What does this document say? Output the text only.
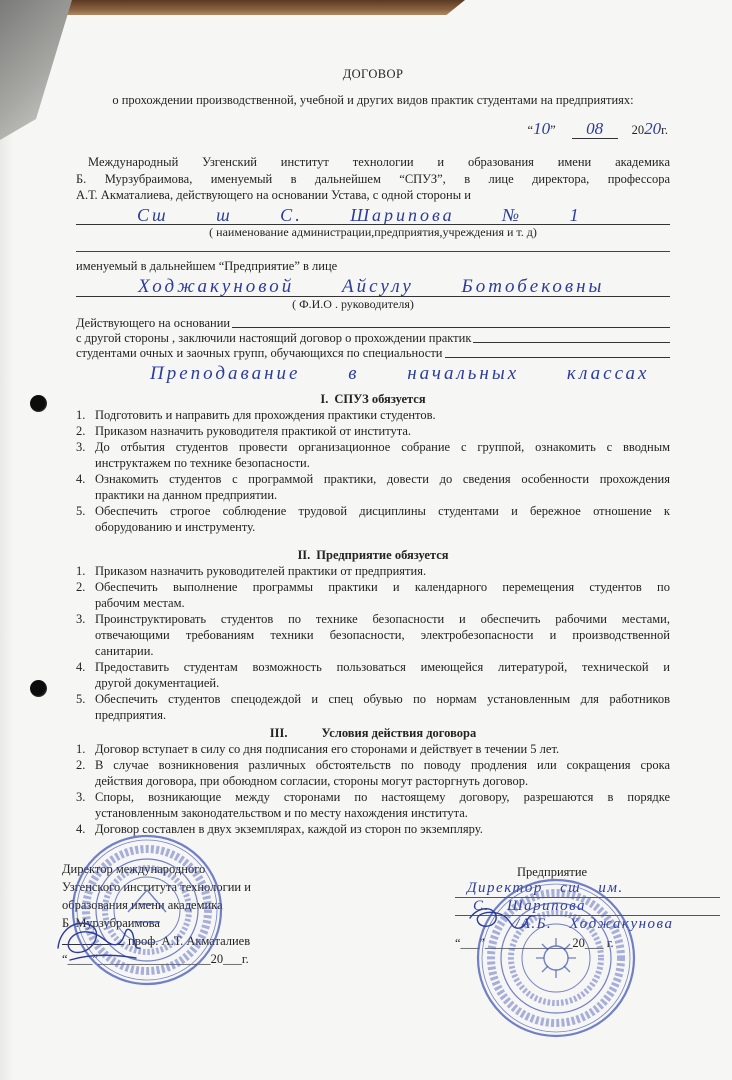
ДОГОВОР
о прохождении производственной, учебной и других видов практик студентами на предприятиях:
“10” 08 2020г.
Международный Узгенский институт технологии и образования имени академика
Б. Мурзубраимова, именуемый в дальнейшем “СПУЗ”, в лице директора, профессора
А.Т. Акматалиева, действующего на основании Устава, с одной стороны и
Сш ш С. Шарипова № 1
( наименование администрации,предприятия,учреждения и т. д)
именуемый в дальнейшем “Предприятие” в лице
Ходжакуновой Айсулу Ботобековны
( Ф.И.О . руководителя)
Действующего на основании
с другой стороны , заключили настоящий договор о прохождении практик
студентами очных и заочных групп, обучающихся по специальности
Преподавание в начальных классах
I. СПУЗ обязуется
1. Подготовить и направить для прохождения практики студентов.
2. Приказом назначить руководителя практикой от института.
3. До отбытия студентов провести организационное собрание с группой, ознакомить с вводным
инструктажем по технике безопасности.
4. Ознакомить студентов с программой практики, довести до сведения особенности прохождения
практики на данном предприятии.
5. Обеспечить строгое соблюдение трудовой дисциплины студентами и бережное отношение к
оборудованию и инструменту.
II. Предприятие обязуется
1. Приказом назначить руководителей практики от предприятия.
2. Обеспечить выполнение программы практики и календарного перемещения студентов по
рабочим местам.
3. Проинструктировать студентов по технике безопасности и обеспечить рабочими местами,
отвечающими требованиям техники безопасности, электробезопасности и производственной
санитарии.
4. Предоставить студентам возможность пользоваться имеющейся литературой, технической и
другой документацией.
5. Обеспечить студентов спецодеждой и спец обувью по нормам установленным для работников
предприятия.
III.	Условия действия договора
1. Договор вступает в силу со дня подписания его сторонами и действует в течении 5 лет.
2. В случае возникновения различных обстоятельств по поводу продления или сокращения срока
действия договора, при обоюдном согласии, стороны могут расторгнуть договор.
3. Споры, возникающие между сторонами по настоящему договору, разрешаются в порядке
установленным законодательством и по месту нахождения института.
4. Договор составлен в двух экземплярах, каждой из сторон по экземпляру.
Директор международного
Узгенского института технологии и
образования имени академика
Б. Мурзубраимова
проф. А.Т. Акматалиев
“____”__________________20___г.
Предприятие
Директор сш им.
С. Шарипова
/А.Б. Ходжакунова
“___”______________20___ г.
